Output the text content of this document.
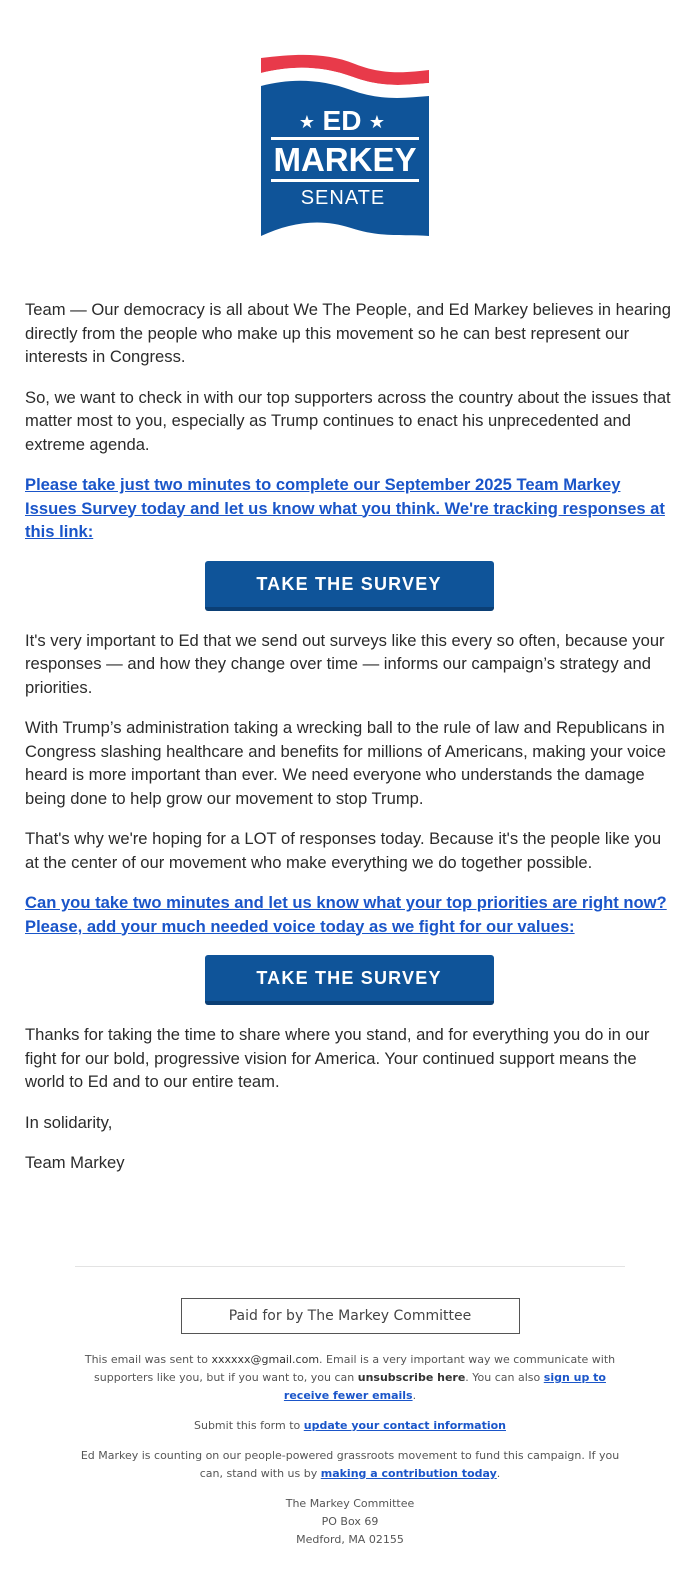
★	★
ED
MARKEY
SENATE

Team — Our democracy is all about We The People, and Ed Markey believes in hearing directly from the people who make up this movement so he can best represent our interests in Congress.

So, we want to check in with our top supporters across the country about the issues that matter most to you, especially as Trump continues to enact his unprecedented and extreme agenda.

Please take just two minutes to complete our September 2025 Team Markey Issues Survey today and let us know what you think. We're tracking responses at this link:

TAKE THE SURVEY

It's very important to Ed that we send out surveys like this every so often, because your responses — and how they change over time — informs our campaign’s strategy and priorities.

With Trump’s administration taking a wrecking ball to the rule of law and Republicans in Congress slashing healthcare and benefits for millions of Americans, making your voice heard is more important than ever. We need everyone who understands the damage being done to help grow our movement to stop Trump.

That's why we're hoping for a LOT of responses today. Because it's the people like you at the center of our movement who make everything we do together possible.

Can you take two minutes and let us know what your top priorities are right now? Please, add your much needed voice today as we fight for our values:

TAKE THE SURVEY

Thanks for taking the time to share where you stand, and for everything you do in our fight for our bold, progressive vision for America. Your continued support means the world to Ed and to our entire team.

In solidarity,

Team Markey

Paid for by The Markey Committee

This email was sent to xxxxxx@gmail.com. Email is a very important way we communicate with supporters like you, but if you want to, you can unsubscribe here. You can also sign up to receive fewer emails.

Submit this form to update your contact information

Ed Markey is counting on our people-powered grassroots movement to fund this campaign. If you can, stand with us by making a contribution today.

The Markey Committee
PO Box 69
Medford, MA 02155
